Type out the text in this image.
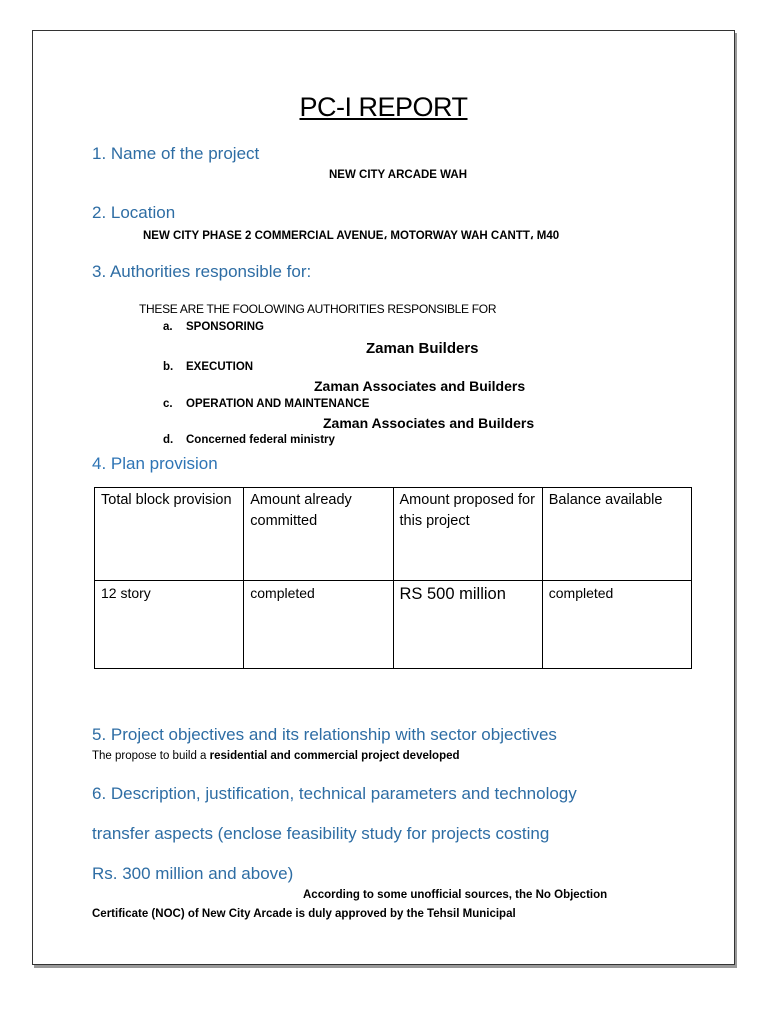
PC-I REPORT
1. Name of the project
NEW CITY ARCADE WAH
2. Location
NEW CITY PHASE 2 COMMERCIAL AVENUE، MOTORWAY WAH CANTT، M40
3. Authorities responsible for:
THESE ARE THE FOOLOWING AUTHORITIES RESPONSIBLE FOR
a.	SPONSORING
Zaman Builders
b.	EXECUTION
Zaman Associates and Builders
c.	OPERATION AND MAINTENANCE
Zaman Associates and Builders
d.	Concerned federal ministry
4. Plan provision
Total block provision	Amount already committed	Amount proposed for this project	Balance available
12 story	completed	RS 500 million	completed
5. Project objectives and its relationship with sector objectives
The propose to build a residential and commercial project developed
6. Description, justification, technical parameters and technology
transfer aspects (enclose feasibility study for projects costing
Rs. 300 million and above)
According to some unofficial sources, the No Objection
Certificate (NOC) of New City Arcade is duly approved by the Tehsil Municipal
